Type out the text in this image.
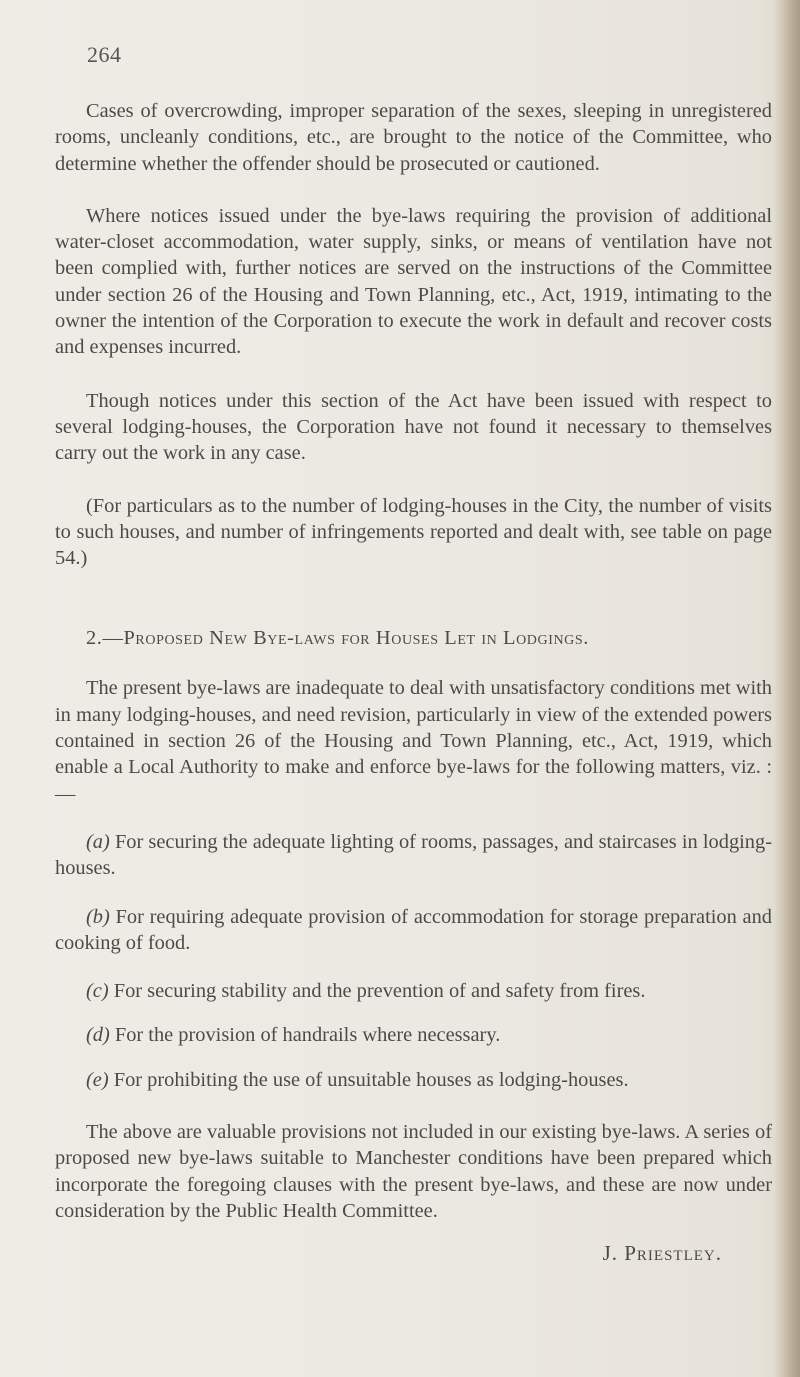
264

Cases of overcrowding, improper separation of the sexes, sleeping in unregistered rooms, uncleanly conditions, etc., are brought to the notice of the Committee, who determine whether the offender should be prosecuted or cautioned.

Where notices issued under the bye-laws requiring the provision of additional water-closet accommodation, water supply, sinks, or means of ventilation have not been complied with, further notices are served on the instructions of the Committee under section 26 of the Housing and Town Planning, etc., Act, 1919, intimating to the owner the intention of the Corporation to execute the work in default and recover costs and expenses incurred.

Though notices under this section of the Act have been issued with respect to several lodging-houses, the Corporation have not found it necessary to themselves carry out the work in any case.

(For particulars as to the number of lodging-houses in the City, the number of visits to such houses, and number of infringements reported and dealt with, see table on page 54.)

2.—Proposed New Bye-laws for Houses Let in Lodgings.

The present bye-laws are inadequate to deal with unsatisfactory conditions met with in many lodging-houses, and need revision, particularly in view of the extended powers contained in section 26 of the Housing and Town Planning, etc., Act, 1919, which enable a Local Authority to make and enforce bye-laws for the following matters, viz. :—

(a) For securing the adequate lighting of rooms, passages, and staircases in lodging-houses.

(b) For requiring adequate provision of accommodation for storage preparation and cooking of food.

(c) For securing stability and the prevention of and safety from fires.

(d) For the provision of handrails where necessary.

(e) For prohibiting the use of unsuitable houses as lodging-houses.

The above are valuable provisions not included in our existing bye-laws. A series of proposed new bye-laws suitable to Manchester conditions have been prepared which incorporate the foregoing clauses with the present bye-laws, and these are now under consideration by the Public Health Committee.

J. Priestley.
